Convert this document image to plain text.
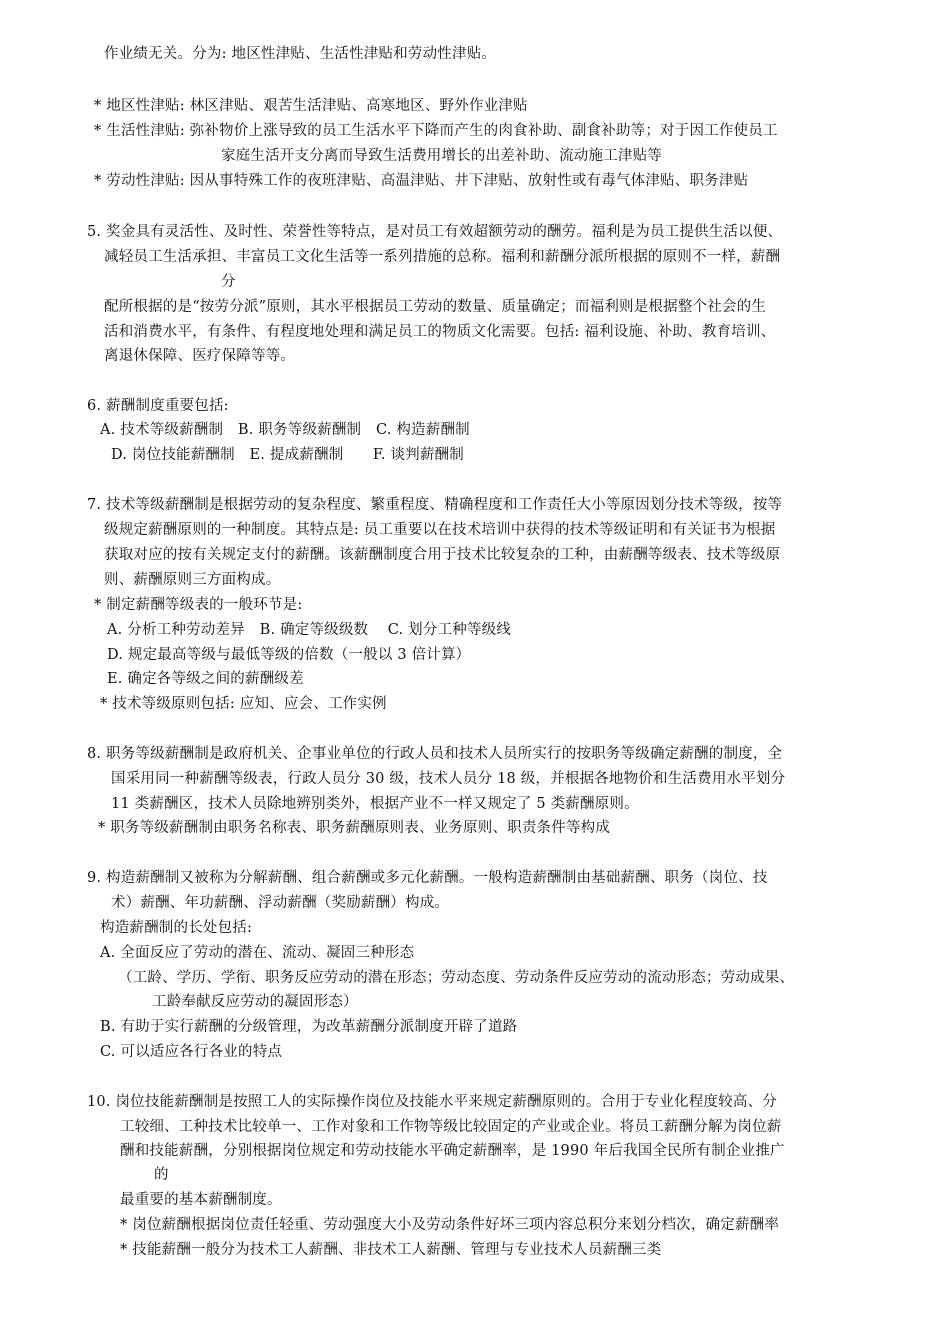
作业绩无关。分为: 地区性津贴、生活性津贴和劳动性津贴。
* 地区性津贴: 林区津贴、艰苦生活津贴、高寒地区、野外作业津贴
* 生活性津贴: 弥补物价上涨导致的员工生活水平下降而产生的肉食补助、副食补助等；对于因工作使员工
家庭生活开支分离而导致生活费用增长的出差补助、流动施工津贴等
* 劳动性津贴: 因从事特殊工作的夜班津贴、高温津贴、井下津贴、放射性或有毒气体津贴、职务津贴
5. 奖金具有灵活性、及时性、荣誉性等特点，是对员工有效超额劳动的酬劳。福利是为员工提供生活以便、
减轻员工生活承担、丰富员工文化生活等一系列措施的总称。福利和薪酬分派所根据的原则不一样，薪酬
分
配所根据的是“按劳分派”原则，其水平根据员工劳动的数量、质量确定；而福利则是根据整个社会的生
活和消费水平，有条件、有程度地处理和满足员工的物质文化需要。包括: 福利设施、补助、教育培训、
离退休保障、医疗保障等等。
6. 薪酬制度重要包括:
A. 技术等级薪酬制　B. 职务等级薪酬制　C. 构造薪酬制
D. 岗位技能薪酬制　E. 提成薪酬制　　F. 谈判薪酬制
7. 技术等级薪酬制是根据劳动的复杂程度、繁重程度、精确程度和工作责任大小等原因划分技术等级，按等
级规定薪酬原则的一种制度。其特点是: 员工重要以在技术培训中获得的技术等级证明和有关证书为根据
获取对应的按有关规定支付的薪酬。该薪酬制度合用于技术比较复杂的工种，由薪酬等级表、技术等级原
则、薪酬原则三方面构成。
* 制定薪酬等级表的一般环节是:
A. 分析工种劳动差异　B. 确定等级级数　 C. 划分工种等级线
D. 规定最高等级与最低等级的倍数（一般以 3 倍计算）
E. 确定各等级之间的薪酬级差
* 技术等级原则包括: 应知、应会、工作实例
8. 职务等级薪酬制是政府机关、企事业单位的行政人员和技术人员所实行的按职务等级确定薪酬的制度，全
国采用同一种薪酬等级表，行政人员分 30 级，技术人员分 18 级，并根据各地物价和生活费用水平划分
11 类薪酬区，技术人员除地辨别类外，根据产业不一样又规定了 5 类薪酬原则。
* 职务等级薪酬制由职务名称表、职务薪酬原则表、业务原则、职责条件等构成
9. 构造薪酬制又被称为分解薪酬、组合薪酬或多元化薪酬。一般构造薪酬制由基础薪酬、职务（岗位、技
术）薪酬、年功薪酬、浮动薪酬（奖励薪酬）构成。
构造薪酬制的长处包括:
A. 全面反应了劳动的潜在、流动、凝固三种形态
（工龄、学历、学衔、职务反应劳动的潜在形态；劳动态度、劳动条件反应劳动的流动形态；劳动成果、
工龄奉献反应劳动的凝固形态）
B. 有助于实行薪酬的分级管理，为改革薪酬分派制度开辟了道路
C. 可以适应各行各业的特点
10. 岗位技能薪酬制是按照工人的实际操作岗位及技能水平来规定薪酬原则的。合用于专业化程度较高、分
工较细、工种技术比较单一、工作对象和工作物等级比较固定的产业或企业。将员工薪酬分解为岗位薪
酬和技能薪酬，分别根据岗位规定和劳动技能水平确定薪酬率，是 1990 年后我国全民所有制企业推广
的
最重要的基本薪酬制度。
* 岗位薪酬根据岗位责任轻重、劳动强度大小及劳动条件好坏三项内容总积分来划分档次，确定薪酬率
* 技能薪酬一般分为技术工人薪酬、非技术工人薪酬、管理与专业技术人员薪酬三类
